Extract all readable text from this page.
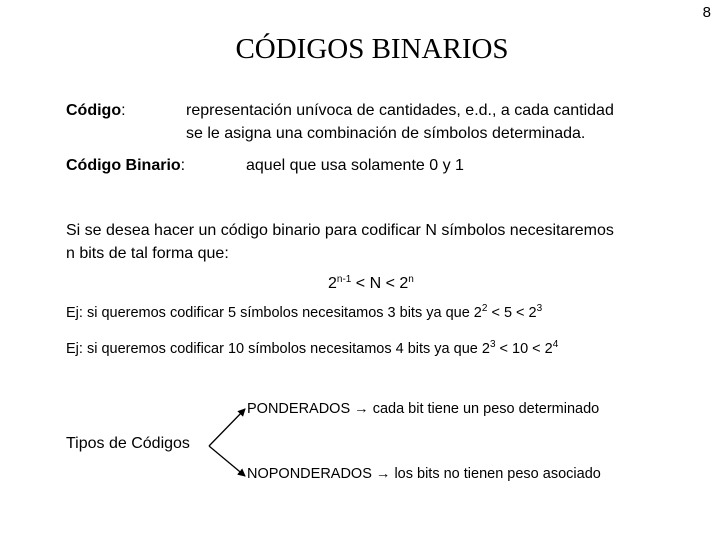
8
CÓDIGOS BINARIOS
Código:	representación unívoca de cantidades, e.d., a cada cantidad
se le asigna una combinación de símbolos determinada.
Código Binario:	aquel que usa solamente 0 y 1
Si se desea hacer un código binario para codificar N símbolos necesitaremos
n bits de tal forma que:
$2^{n-1} < N < 2^n$
Ej: si queremos codificar 5 símbolos necesitamos 3 bits ya que $2^2 < 5 < 2^3$
Ej: si queremos codificar 10 símbolos necesitamos 4 bits ya que $2^3 < 10 < 2^4$
PONDERADOS → cada bit tiene un peso determinado
Tipos de Códigos
NOPONDERADOS → los bits no tienen peso asociado
